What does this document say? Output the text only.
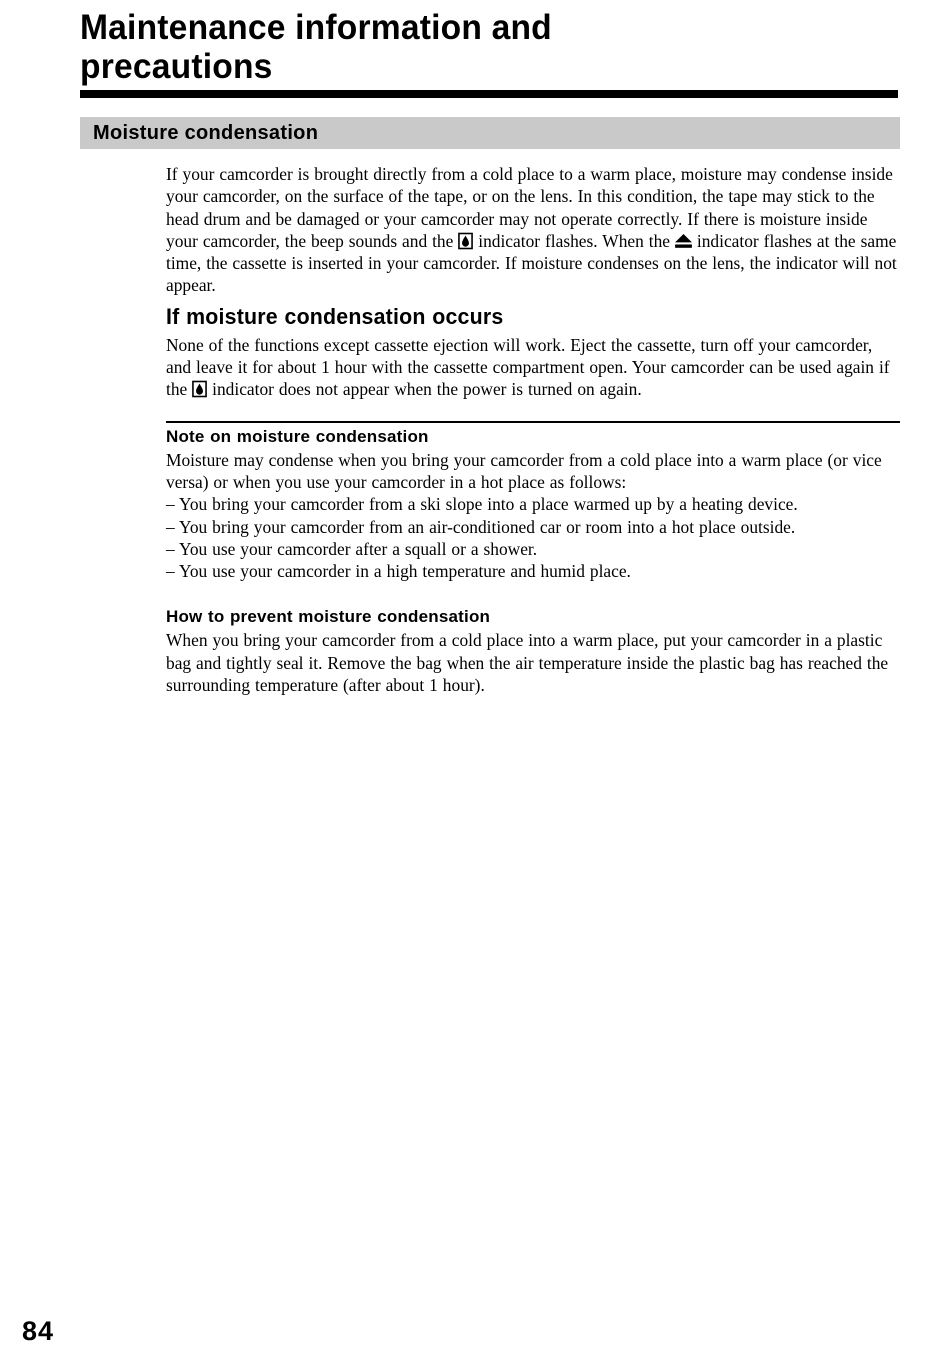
Maintenance information and
precautions
Moisture condensation

If your camcorder is brought directly from a cold place to a warm place, moisture may condense inside your camcorder, on the surface of the tape, or on the lens. In this condition, the tape may stick to the head drum and be damaged or your camcorder may not operate correctly. If there is moisture inside your camcorder, the beep sounds and the  indicator flashes. When the  indicator flashes at the same time, the cassette is inserted in your camcorder. If moisture condenses on the lens, the indicator will not appear.

If moisture condensation occurs

None of the functions except cassette ejection will work. Eject the cassette, turn off your camcorder, and leave it for about 1 hour with the cassette compartment open. Your camcorder can be used again if the  indicator does not appear when the power is turned on again.

Note on moisture condensation

Moisture may condense when you bring your camcorder from a cold place into a warm place (or vice versa) or when you use your camcorder in a hot place as follows:

– You bring your camcorder from a ski slope into a place warmed up by a heating device.
– You bring your camcorder from an air-conditioned car or room into a hot place outside.
– You use your camcorder after a squall or a shower.
– You use your camcorder in a high temperature and humid place.
How to prevent moisture condensation

When you bring your camcorder from a cold place into a warm place, put your camcorder in a plastic bag and tightly seal it. Remove the bag when the air temperature inside the plastic bag has reached the surrounding temperature (after about 1 hour).

84
